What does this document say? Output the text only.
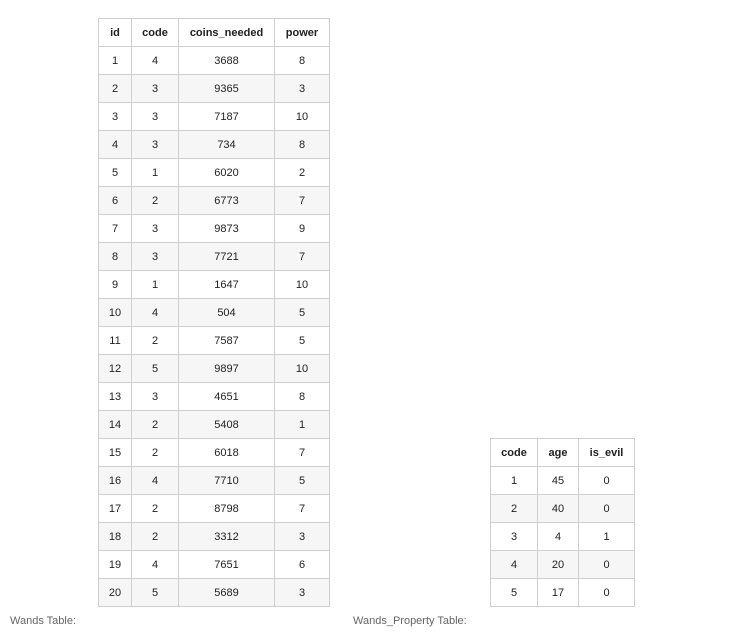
id	code	coins_needed	power
1	4	3688	8
2	3	9365	3
3	3	7187	10
4	3	734	8
5	1	6020	2
6	2	6773	7
7	3	9873	9
8	3	7721	7
9	1	1647	10
10	4	504	5
11	2	7587	5
12	5	9897	10
13	3	4651	8
14	2	5408	1
15	2	6018	7
16	4	7710	5
17	2	8798	7
18	2	3312	3
19	4	7651	6
20	5	5689	3
code	age	is_evil
1	45	0
2	40	0
3	4	1
4	20	0
5	17	0
Wands Table:	Wands_Property Table:
